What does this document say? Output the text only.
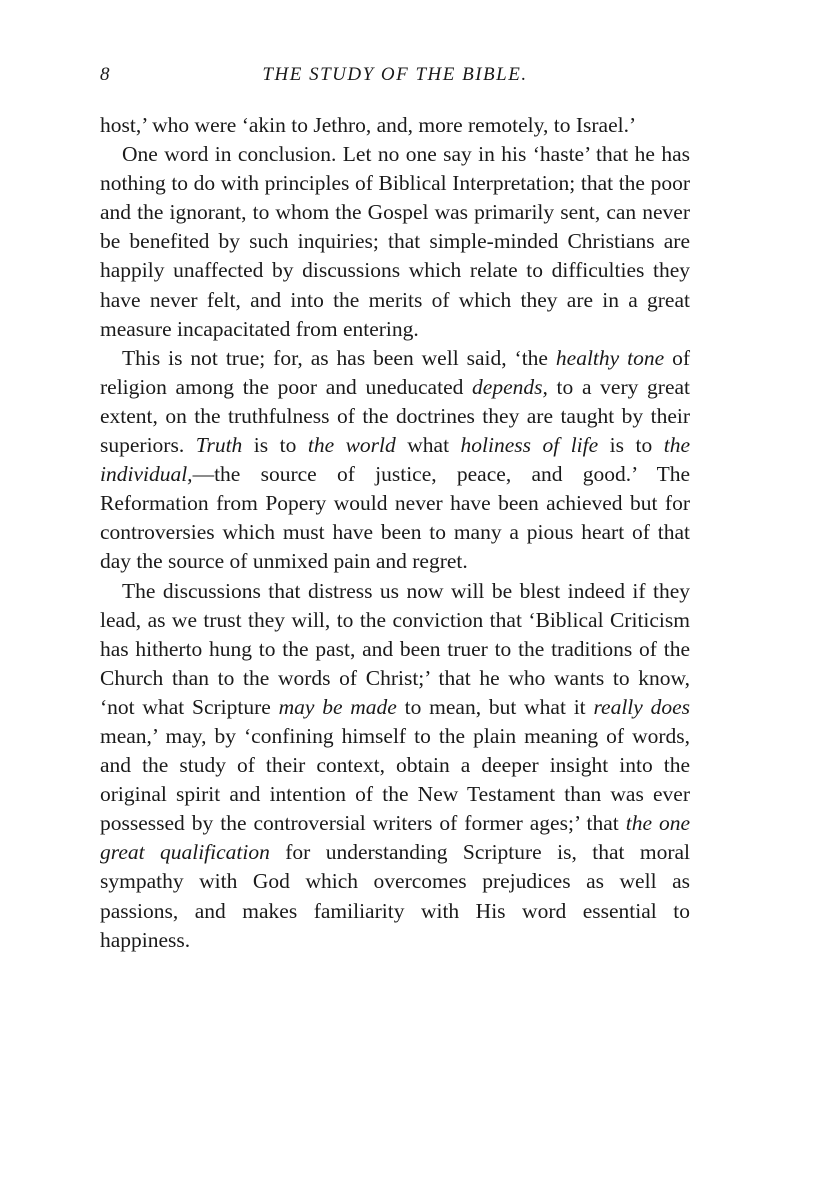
8	THE STUDY OF THE BIBLE.

host,’ who were ‘akin to Jethro, and, more remotely, to Israel.’

One word in conclusion. Let no one say in his ‘haste’ that he has nothing to do with principles of Biblical Interpretation; that the poor and the ignorant, to whom the Gospel was primarily sent, can never be benefited by such inquiries; that simple-minded Christians are happily unaffected by discussions which relate to difficulties they have never felt, and into the merits of which they are in a great measure incapacitated from entering.

This is not true; for, as has been well said, ‘the healthy tone of religion among the poor and uneducated depends, to a very great extent, on the truthfulness of the doctrines they are taught by their superiors. Truth is to the world what holiness of life is to the individual,—the source of justice, peace, and good.’ The Reformation from Popery would never have been achieved but for controversies which must have been to many a pious heart of that day the source of unmixed pain and regret.

The discussions that distress us now will be blest indeed if they lead, as we trust they will, to the conviction that ‘Biblical Criticism has hitherto hung to the past, and been truer to the traditions of the Church than to the words of Christ;’ that he who wants to know, ‘not what Scripture may be made to mean, but what it really does mean,’ may, by ‘confining himself to the plain meaning of words, and the study of their context, obtain a deeper insight into the original spirit and intention of the New Testament than was ever possessed by the controversial writers of former ages;’ that the one great qualification for understanding Scripture is, that moral sympathy with God which overcomes prejudices as well as passions, and makes familiarity with His word essential to happiness.
